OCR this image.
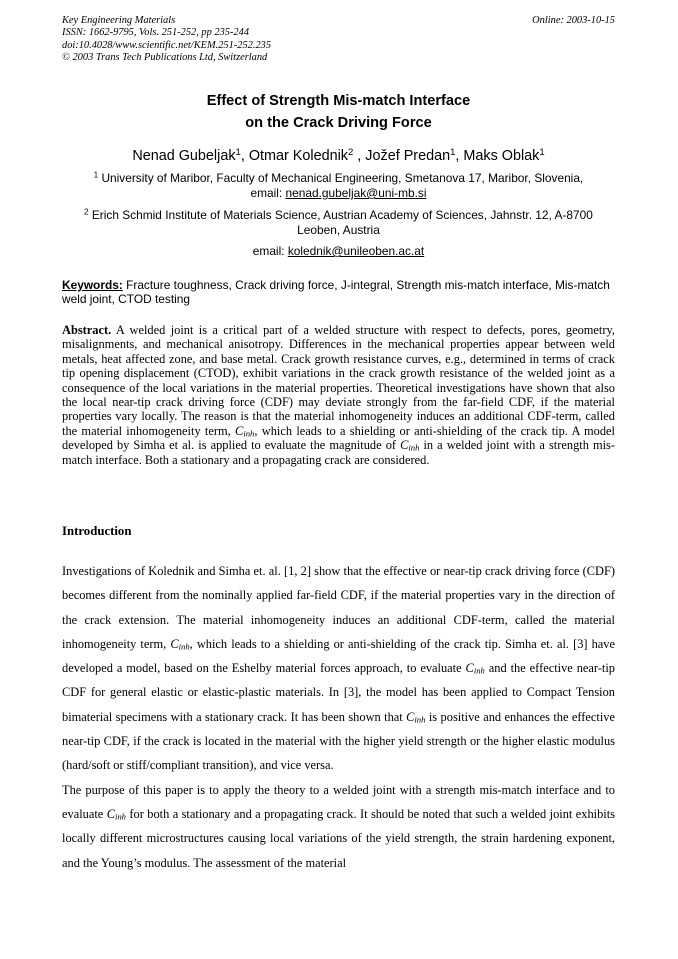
Key Engineering Materials
ISSN: 1662-9795, Vols. 251-252, pp 235-244
doi:10.4028/www.scientific.net/KEM.251-252.235
© 2003 Trans Tech Publications Ltd, Switzerland
Online: 2003-10-15
Effect of Strength Mis-match Interface
on the Crack Driving Force
Nenad Gubeljak$^1$, Otmar Kolednik$^2$ , Jožef Predan$^1$, Maks Oblak$^1$
$^1$ University of Maribor, Faculty of Mechanical Engineering, Smetanova 17, Maribor, Slovenia,
email: nenad.gubeljak@uni-mb.si
$^2$ Erich Schmid Institute of Materials Science, Austrian Academy of Sciences, Jahnstr. 12, A-8700 Leoben, Austria
email: kolednik@unileoben.ac.at
Keywords: Fracture toughness, Crack driving force, J-integral, Strength mis-match interface, Mis-match weld joint, CTOD testing
Abstract. A welded joint is a critical part of a welded structure with respect to defects, pores, geometry, misalignments, and mechanical anisotropy. Differences in the mechanical properties appear between weld metals, heat affected zone, and base metal. Crack growth resistance curves, e.g., determined in terms of crack tip opening displacement (CTOD), exhibit variations in the crack growth resistance of the welded joint as a consequence of the local variations in the material properties. Theoretical investigations have shown that also the local near-tip crack driving force (CDF) may deviate strongly from the far-field CDF, if the material properties vary locally. The reason is that the material inhomogeneity induces an additional CDF-term, called the material inhomogeneity term, $C_{inh}$, which leads to a shielding or anti-shielding of the crack tip. A model developed by Simha et al. is applied to evaluate the magnitude of $C_{inh}$ in a welded joint with a strength mis-match interface. Both a stationary and a propagating crack are considered.
Introduction

Investigations of Kolednik and Simha et. al. [1, 2] show that the effective or near-tip crack driving force (CDF) becomes different from the nominally applied far-field CDF, if the material properties vary in the direction of the crack extension. The material inhomogeneity induces an additional CDF-term, called the material inhomogeneity term, $C_{inh}$, which leads to a shielding or anti-shielding of the crack tip. Simha et. al. [3] have developed a model, based on the Eshelby material forces approach, to evaluate $C_{inh}$ and the effective near-tip CDF for general elastic or elastic-plastic materials. In [3], the model has been applied to Compact Tension bimaterial specimens with a stationary crack. It has been shown that $C_{inh}$ is positive and enhances the effective near-tip CDF, if the crack is located in the material with the higher yield strength or the higher elastic modulus (hard/soft or stiff/compliant transition), and vice versa.

The purpose of this paper is to apply the theory to a welded joint with a strength mis-match interface and to evaluate $C_{inh}$ for both a stationary and a propagating crack. It should be noted that such a welded joint exhibits locally different microstructures causing local variations of the yield strength, the strain hardening exponent, and the Young’s modulus. The assessment of the material
